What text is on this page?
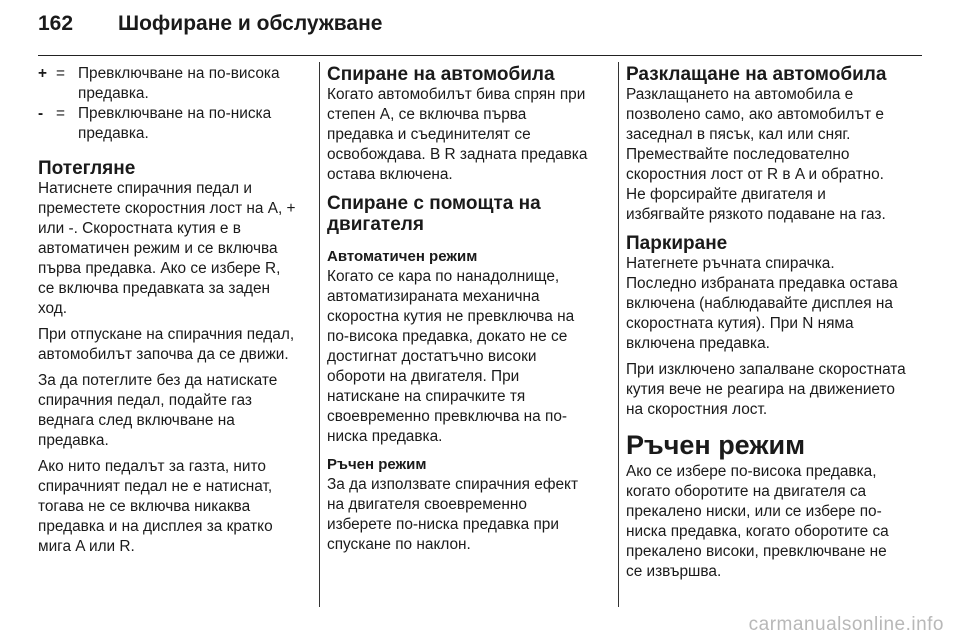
162	Шофиране и обслужване
+ = Превключване на по-висока предавка.
- = Превключване на по-ниска предавка.
Потегляне

Натиснете спирачния педал и преместете скоростния лост на A, + или -. Скоростната кутия е в автоматичен режим и се включва първа предавка. Ако се избере R, се включва предавката за заден ход.

При отпускане на спирачния педал, автомобилът започва да се движи.

За да потеглите без да натискате спирачния педал, подайте газ веднага след включване на предавка.

Ако нито педалът за газта, нито спирачният педал не е натиснат, тогава не се включва никаква предавка и на дисплея за кратко мига A или R.

Спиране на автомобила

Когато автомобилът бива спрян при степен A, се включва първа предавка и съединителят се освобождава. В R задната предавка остава включена.

Спиране с помощта на двигателя
Автоматичен режим

Когато се кара по нанадолнище, автоматизираната механична скоростна кутия не превключва на по-висока предавка, докато не се достигнат достатъчно високи обороти на двигателя. При натискане на спирачките тя своевременно превключва на по-ниска предавка.

Ръчен режим

За да използвате спирачния ефект на двигателя своевременно изберете по-ниска предавка при спускане по наклон.

Разклащане на автомобила

Разклащането на автомобила е позволено само, ако автомобилът е заседнал в пясък, кал или сняг. Премествайте последователно скоростния лост от R в A и обратно. Не форсирайте двигателя и избягвайте рязкото подаване на газ.

Паркиране

Натегнете ръчната спирачка. Последно избраната предавка остава включена (наблюдавайте дисплея на скоростната кутия). При N няма включена предавка.

При изключено запалване скоростната кутия вече не реагира на движението на скоростния лост.

Ръчен режим

Ако се избере по-висока предавка, когато оборотите на двигателя са прекалено ниски, или се избере по-ниска предавка, когато оборотите са прекалено високи, превключване не се извършва.

carmanualsonline.info
